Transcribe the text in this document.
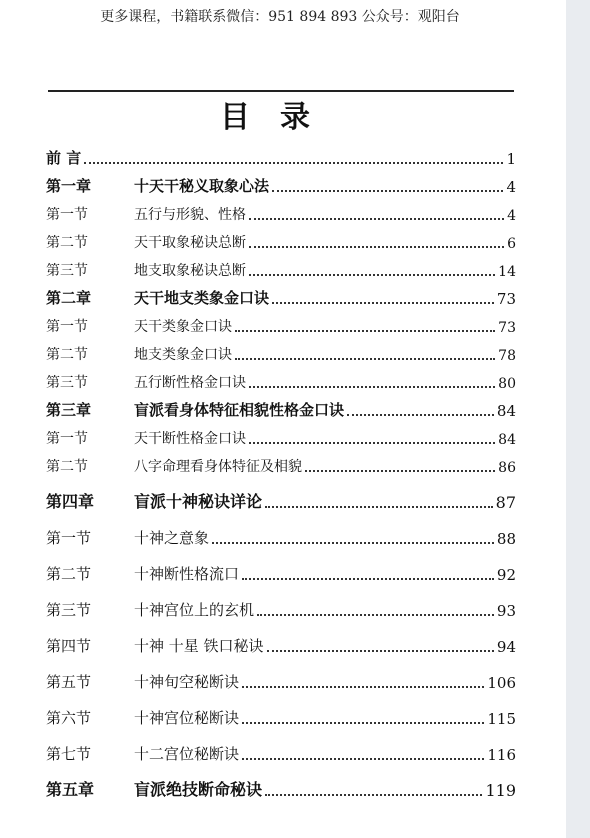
更多课程，书籍联系微信：951 894 893 公众号：观阳台
目录
前 言	1
第一章	十天干秘义取象心法	4
第一节	五行与形貌、性格	4
第二节	天干取象秘诀总断	6
第三节	地支取象秘诀总断	14
第二章	天干地支类象金口诀	73
第一节	天干类象金口诀	73
第二节	地支类象金口诀	78
第三节	五行断性格金口诀	80
第三章	盲派看身体特征相貌性格金口诀	84
第一节	天干断性格金口诀	84
第二节	八字命理看身体特征及相貌	86
第四章	盲派十神秘诀详论	87
第一节	十神之意象	88
第二节	十神断性格流口	92
第三节	十神宫位上的玄机	93
第四节	十神 十星 铁口秘诀	94
第五节	十神旬空秘断诀	106
第六节	十神宫位秘断诀	115
第七节	十二宫位秘断诀	116
第五章	盲派绝技断命秘诀	119
